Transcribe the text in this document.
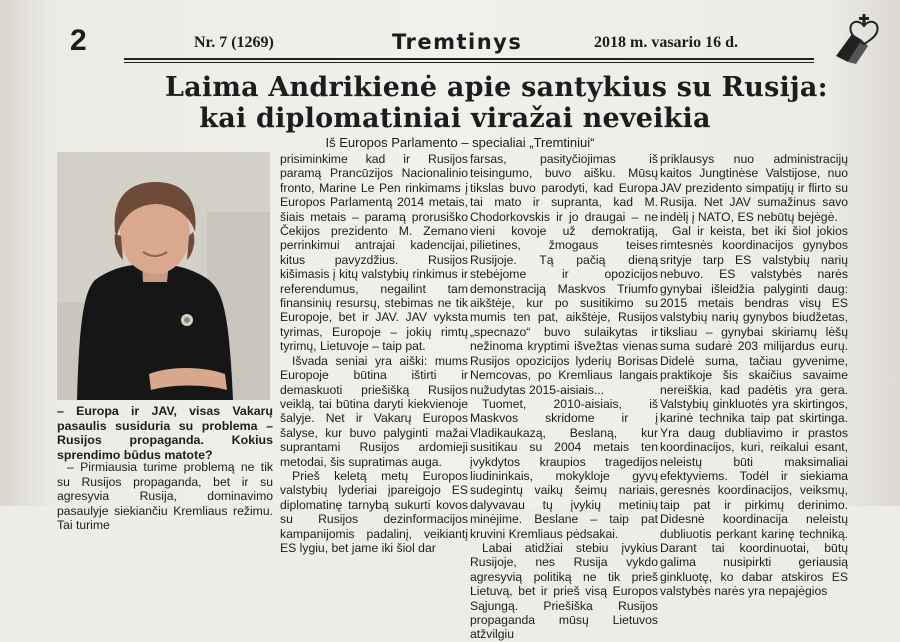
2	Nr. 7 (1269)	Tremtinys	2018 m. vasario 16 d.
Laima Andrikienė apie santykius su Rusija:
kai diplomatiniai viražai neveikia
Iš Europos Parlamento – specialiai „Tremtiniui“

– Europa ir JAV, visas Vakarų pasaulis susiduria su problema – Rusijos propaganda. Kokius sprendimo būdus matote?

– Pirmiausia turime problemą ne tik su Rusijos propaganda, bet ir su agresyvia Rusija, dominavimo pasaulyje siekiančiu Kremliaus režimu. Tai turime

prisiminkime kad ir Rusijos paramą Prancūzijos Nacionalinio fronto, Marine Le Pen rinkimams į Europos Parlamentą 2014 metais, šiais metais – paramą prorusiško Čekijos prezidento M. Zemano perrinkimui antrajai kadencijai, kitus pavyzdžius. Rusijos kišimasis į kitų valstybių rinkimus ir referendumus, negailint tam finansinių resursų, stebimas ne tik Europoje, bet ir JAV. JAV vyksta tyrimas, Europoje – jokių rimtų tyrimų, Lietuvoje – taip pat.

Išvada seniai yra aiški: mums Europoje būtina ištirti ir demaskuoti priešišką Rusijos veiklą, tai būtina daryti kiekvienoje šalyje. Net ir Vakarų Europos šalyse, kur buvo palyginti mažai suprantami Rusijos ardomieji metodai, šis supratimas auga.

Prieš keletą metų Europos valstybių lyderiai įpareigojo ES diplomatinę tarnybą sukurti kovos su Rusijos dezinformacijos kampanijomis padalinį, veikiantį ES lygiu, bet jame iki šiol dar

farsas, pasityčiojimas iš teisingumo, buvo aišku. Mūsų tikslas buvo parodyti, kad Europa tai mato ir supranta, kad M. Chodorkovskis ir jo draugai – ne vieni kovoje už demokratiją, pilietines, žmogaus teises Rusijoje. Tą pačią dieną stebėjome ir opozicijos demonstraciją Maskvos Triumfo aikštėje, kur po susitikimo su mumis ten pat, aikštėje, Rusijos „specnazo“ buvo sulaikytas ir nežinoma kryptimi išvežtas vienas Rusijos opozicijos lyderių Borisas Nemcovas, po Kremliaus langais nužudytas 2015-aisiais...

Tuomet, 2010-aisiais, iš Maskvos skridome ir į Vladikaukazą, Beslaną, kur susitikau su 2004 metais ten įvykdytos kraupios tragedijos liudininkais, mokykloje gyvų sudegintų vaikų šeimų nariais, dalyvavau tų įvykių metinių minėjime. Beslane – taip pat kruvini Kremliaus pėdsakai.

Labai atidžiai stebiu įvykius Rusijoje, nes Rusija vykdo agresyvią politiką ne tik prieš Lietuvą, bet ir prieš visą Europos Sąjungą. Priešiška Rusijos propaganda mūsų Lietuvos atžvilgiu

priklausys nuo administracijų kaitos Jungtinėse Valstijose, nuo JAV prezidento simpatijų ir flirto su Rusija. Net JAV sumažinus savo indėlį į NATO, ES nebūtų bejėgė.

Gal ir keista, bet iki šiol jokios rimtesnės koordinacijos gynybos srityje tarp ES valstybių narių nebuvo. ES valstybės narės gynybai išleidžia palyginti daug: 2015 metais bendras visų ES valstybių narių gynybos biudžetas, tiksliau – gynybai skiriamų lėšų suma sudarė 203 milijardus eurų. Didelė suma, tačiau gyvenime, praktikoje šis skaičius savaime nereiškia, kad padėtis yra gera. Valstybių ginkluotės yra skirtingos, karinė technika taip pat skirtinga. Yra daug dubliavimo ir prastos koordinacijos, kuri, reikalui esant, neleistų būti maksimaliai efektyviems. Todėl ir siekiama geresnės koordinacijos, veiksmų, taip pat ir pirkimų derinimo. Didesnė koordinacija neleistų dubliuotis perkant karinę techniką. Darant tai koordinuotai, būtų galima nusipirkti geriausią ginkluotę, ko dabar atskiros ES valstybės narės yra nepajėgios
